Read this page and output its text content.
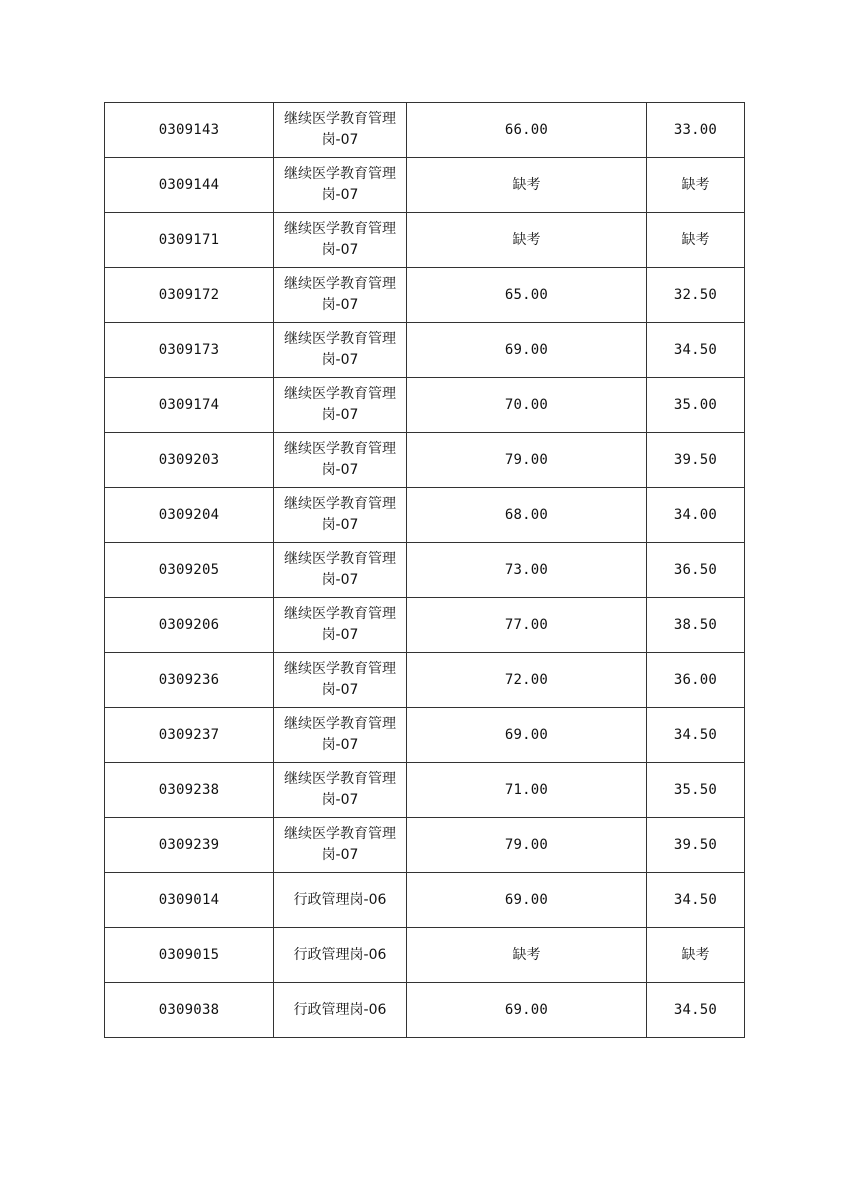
0309143	继续医学教育管理岗-07	66.00	33.00
0309144	继续医学教育管理岗-07	缺考	缺考
0309171	继续医学教育管理岗-07	缺考	缺考
0309172	继续医学教育管理岗-07	65.00	32.50
0309173	继续医学教育管理岗-07	69.00	34.50
0309174	继续医学教育管理岗-07	70.00	35.00
0309203	继续医学教育管理岗-07	79.00	39.50
0309204	继续医学教育管理岗-07	68.00	34.00
0309205	继续医学教育管理岗-07	73.00	36.50
0309206	继续医学教育管理岗-07	77.00	38.50
0309236	继续医学教育管理岗-07	72.00	36.00
0309237	继续医学教育管理岗-07	69.00	34.50
0309238	继续医学教育管理岗-07	71.00	35.50
0309239	继续医学教育管理岗-07	79.00	39.50
0309014	行政管理岗-06	69.00	34.50
0309015	行政管理岗-06	缺考	缺考
0309038	行政管理岗-06	69.00	34.50
